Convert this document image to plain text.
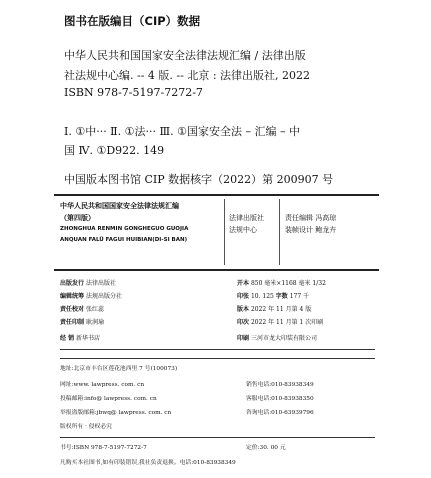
图书在版编目（CIP）数据
中华人民共和国国家安全法律法规汇编 / 法律出版
社法规中心编. -- 4 版. -- 北京 : 法律出版社, 2022
ISBN 978-7-5197-7272-7
Ⅰ. ①中··· Ⅱ. ①法··· Ⅲ. ①国家安全法 – 汇编 – 中
国 Ⅳ. ①D922. 149
中国版本图书馆 CIP 数据核字（2022）第 200907 号
中华人民共和国国家安全法律法规汇编
（第四版）
ZHONGHUA RENMIN GONGHEGUO GUOJIA
ANQUAN FALÜ FAGUI HUIBIAN(DI-SI BAN)
法律出版社
法规中心
责任编辑 冯高琼
装帧设计 鲍龙卉
出版发行 法律出版社
编辑统筹 法规出版分社
责任校对 张红蕊
责任印制 耿润瑜
经 销 新华书店
开本 850 毫米×1168 毫米 1/32
印张 10. 125 字数 177 千
版本 2022 年 11 月第 4 版
印次 2022 年 11 月第 1 次印刷
印刷 三河市龙大印装有限公司
地址:北京市丰台区莲花池西里 7 号(100073)
网址:www. lawpress. com. cn	销售电话:010-83938349
投稿邮箱:info@ lawpress. com. cn	客服电话:010-83938350
举报盗版邮箱:jbwq@ lawpress. com. cn	咨询电话:010-63939796
版权所有 · 侵权必究
书号:ISBN 978-7-5197-7272-7	定价:30. 00 元
凡购买本社图书,如有印装错误,我社负责退换。电话:010-83938349
